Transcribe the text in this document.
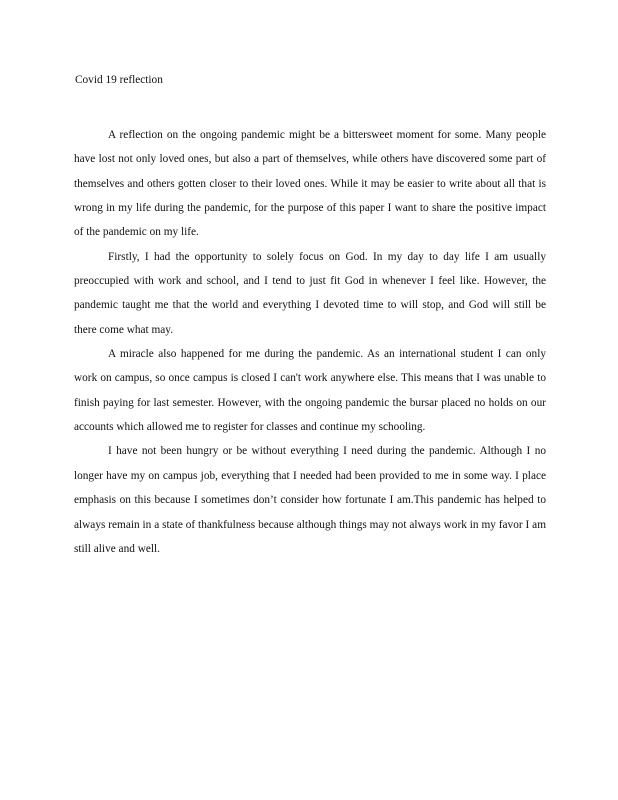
Covid 19 reflection

A reflection on the ongoing pandemic might be a bittersweet moment for some. Many people have lost not only loved ones, but also a part of themselves, while others have discovered some part of themselves and others gotten closer to their loved ones. While it may be easier to write about all that is wrong in my life during the pandemic, for the purpose of this paper I want to share the positive impact of the pandemic on my life.

Firstly, I had the opportunity to solely focus on God. In my day to day life I am usually preoccupied with work and school, and I tend to just fit God in whenever I feel like. However, the pandemic taught me that the world and everything I devoted time to will stop, and God will still be there come what may.

A miracle also happened for me during the pandemic. As an international student I can only work on campus, so once campus is closed I can't work anywhere else. This means that I was unable to finish paying for last semester. However, with the ongoing pandemic the bursar placed no holds on our accounts which allowed me to register for classes and continue my schooling.

I have not been hungry or be without everything I need during the pandemic. Although I no longer have my on campus job, everything that I needed had been provided to me in some way. I place emphasis on this because I sometimes don’t consider how fortunate I am.This pandemic has helped to always remain in a state of thankfulness because although things may not always work in my favor I am still alive and well.
